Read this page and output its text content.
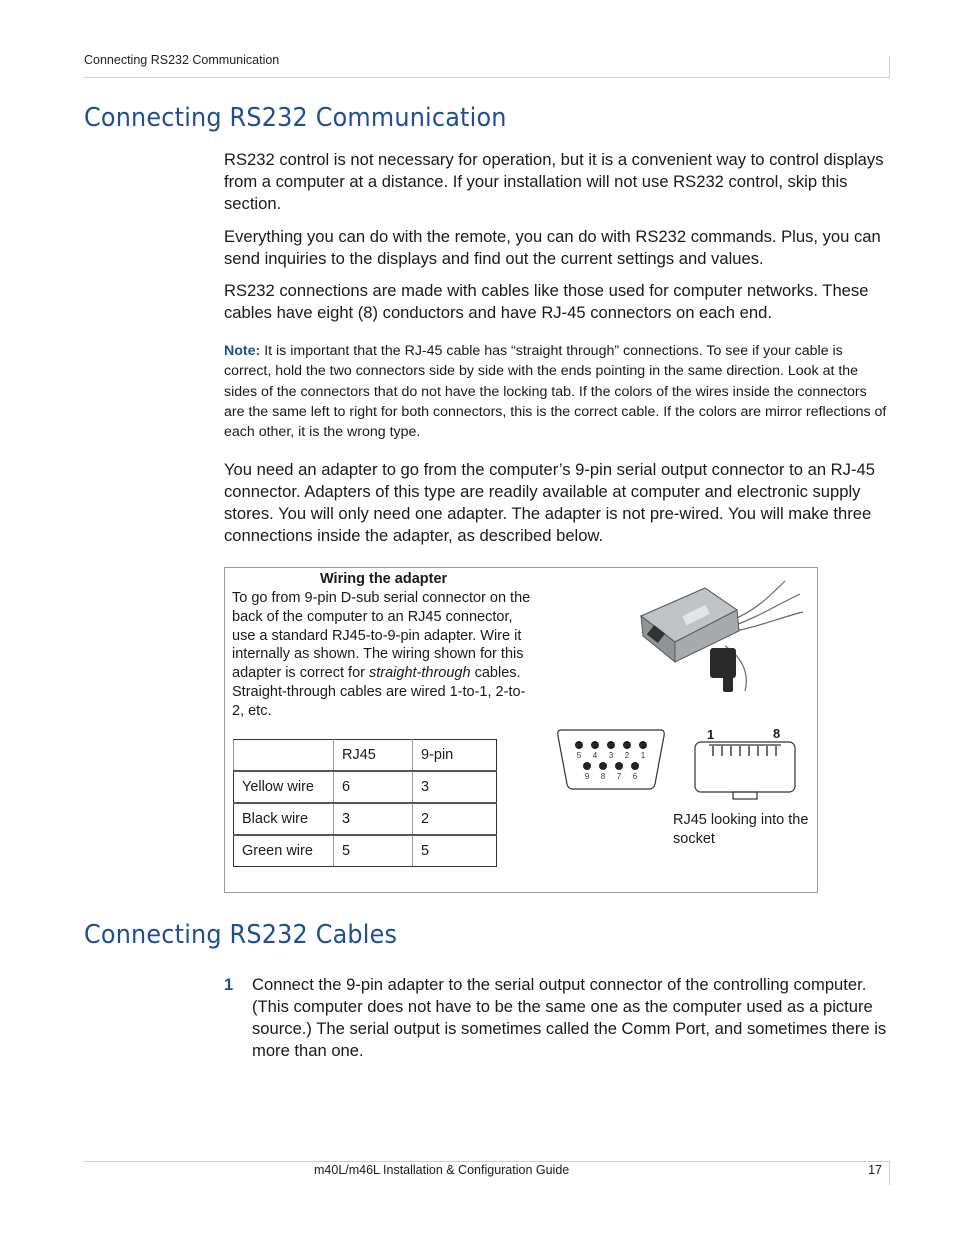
Connecting RS232 Communication
Connecting RS232 Communication

RS232 control is not necessary for operation, but it is a convenient way to control displays from a computer at a distance. If your installation will not use RS232 control, skip this section.

Everything you can do with the remote, you can do with RS232 commands. Plus, you can send inquiries to the displays and find out the current settings and values.

RS232 connections are made with cables like those used for computer networks. These cables have eight (8) conductors and have RJ-45 connectors on each end.

Note: It is important that the RJ-45 cable has “straight through” connections. To see if your cable is correct, hold the two connectors side by side with the ends pointing in the same direction. Look at the sides of the connectors that do not have the locking tab. If the colors of the wires inside the connectors are the same left to right for both connectors, this is the correct cable. If the colors are mirror reflections of each other, it is the wrong type.

You need an adapter to go from the computer’s 9-pin serial output connector to an RJ-45 connector. Adapters of this type are readily available at computer and electronic supply stores. You will only need one adapter. The adapter is not pre-wired. You will make three connections inside the adapter, as described below.

Wiring the adapter
To go from 9-pin D-sub serial connector on the back of the computer to an RJ45 connector, use a standard RJ45-to-9-pin adapter. Wire it internally as shown. The wiring shown for this adapter is correct for straight-through cables. Straight-through cables are wired 1-to-1, 2-to-2, etc.
	RJ45	9-pin
Yellow wire	6	3
Black wire	3	2
Green wire	5	5
5 4 3 2 1
9 8 7 6
1	8
RJ45 looking into the socket
Connecting RS232 Cables
1 Connect the 9-pin adapter to the serial output connector of the controlling computer. (This computer does not have to be the same one as the computer used as a picture source.) The serial output is sometimes called the Comm Port, and sometimes there is more than one.
m40L/m46L Installation & Configuration Guide	17
